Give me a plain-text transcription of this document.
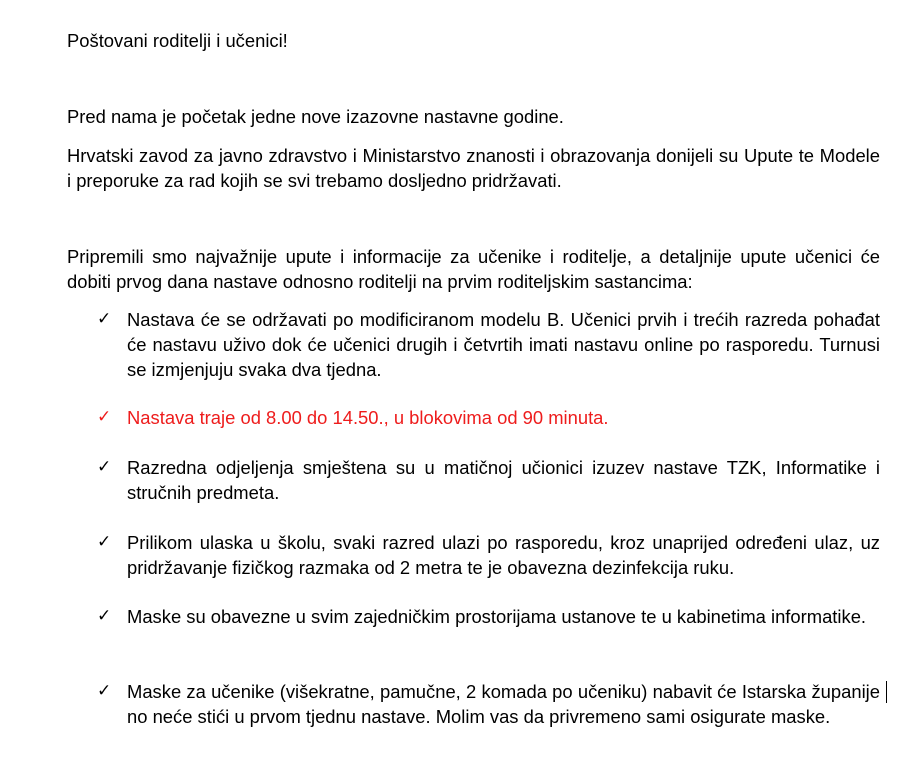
Poštovani roditelji i učenici!

Pred nama je početak jedne nove izazovne nastavne godine.

Hrvatski zavod za javno zdravstvo i Ministarstvo znanosti i obrazovanja donijeli su Upute te Modele i preporuke za rad kojih se svi trebamo dosljedno pridržavati.

Pripremili smo najvažnije upute i informacije za učenike i roditelje, a detaljnije upute učenici će dobiti prvog dana nastave odnosno roditelji na prvim roditeljskim sastancima:

✓ Nastava će se održavati po modificiranom modelu B. Učenici prvih i trećih razreda pohađat će nastavu uživo dok će učenici drugih i četvrtih imati nastavu online po rasporedu. Turnusi se izmjenjuju svaka dva tjedna.
✓ Nastava traje od 8.00 do 14.50., u blokovima od 90 minuta.
✓ Razredna odjeljenja smještena su u matičnoj učionici izuzev nastave TZK, Informatike i stručnih predmeta.
✓ Prilikom ulaska u školu, svaki razred ulazi po rasporedu, kroz unaprijed određeni ulaz, uz pridržavanje fizičkog razmaka od 2 metra te je obavezna dezinfekcija ruku.
✓ Maske su obavezne u svim zajedničkim prostorijama ustanove te u kabinetima informatike.
✓ Maske za učenike (višekratne, pamučne, 2 komada po učeniku) nabavit će Istarska županije no neće stići u prvom tjednu nastave. Molim vas da privremeno sami osigurate maske.
